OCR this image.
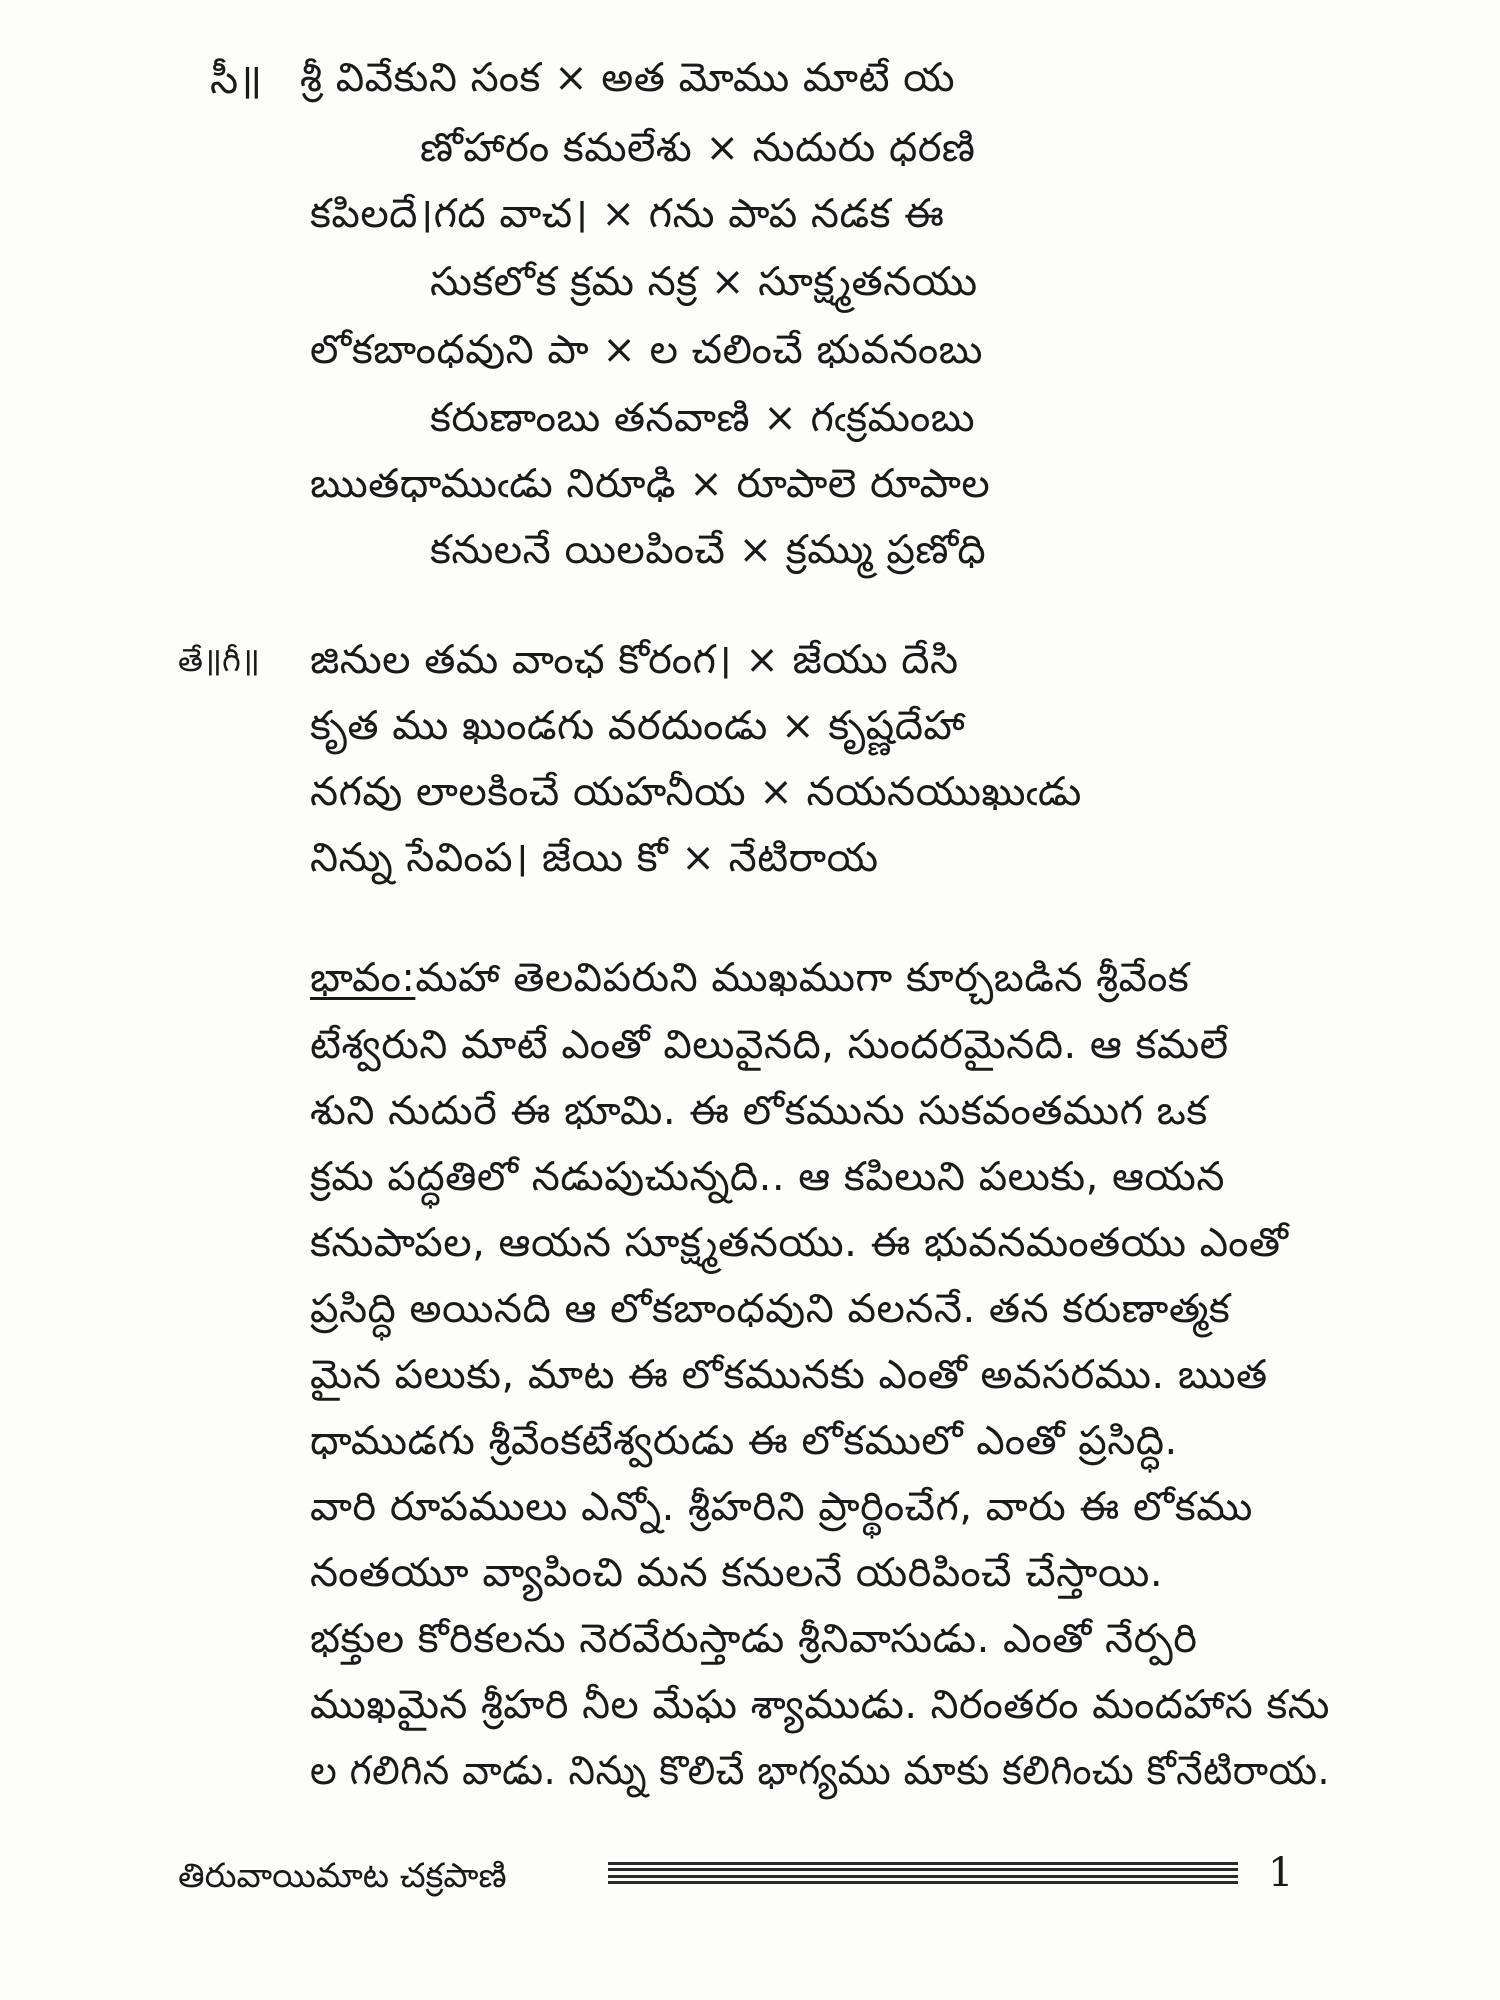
సీ॥ శ్రీ వివేకుని సంక × అత మోము మాటే య
ణోహారం కమలేశు × నుదురు ధరణి
కపిలదే।గద వాచ। × గను పాప నడక ఈ
సుకలోక క్రమ నక్ర × సూక్ష్మతనయు
లోకబాంధవుని పా × ల చలించే భువనంబు
కరుణాంబు తనవాణి × గఁక్రమంబు
ఋతధాముఁడు నిరూఢి × రూపాలె రూపాల
కనులనే యిలపించే × క్రమ్ము ప్రణోధి
తే॥గీ॥ జినుల తమ వాంఛ కోరంగ। × జేయు దేసి
కృత ము ఖుండగు వరదుండు × కృష్ణదేహా
నగవు లాలకించే యహనీయ × నయనయుఖుఁడు
నిన్ను సేవింప। జేయి కో × నేటిరాయ
భావం:మహా తెలవిపరుని ముఖముగా కూర్చబడిన శ్రీవేంక
టేశ్వరుని మాటే ఎంతో విలువైనది, సుందరమైనది. ఆ కమలే
శుని నుదురే ఈ భూమి. ఈ లోకమును సుకవంతముగ ఒక
క్రమ పద్ధతిలో నడుపుచున్నది.. ఆ కపిలుని పలుకు, ఆయన
కనుపాపల, ఆయన సూక్ష్మతనయు. ఈ భువనమంతయు ఎంతో
ప్రసిద్ధి అయినది ఆ లోకబాంధవుని వలననే. తన కరుణాత్మక
మైన పలుకు, మాట ఈ లోకమునకు ఎంతో అవసరము. ఋత
ధాముడగు శ్రీవేంకటేశ్వరుడు ఈ లోకములో ఎంతో ప్రసిద్ధి.
వారి రూపములు ఎన్నో. శ్రీహరిని ప్రార్థించేగ, వారు ఈ లోకము
నంతయూ వ్యాపించి మన కనులనే యరిపించే చేస్తాయి.
భక్తుల కోరికలను నెరవేరుస్తాడు శ్రీనివాసుడు. ఎంతో నేర్పరి
ముఖమైన శ్రీహరి నీల మేఘ శ్యాముడు. నిరంతరం మందహాస కను
ల గలిగిన వాడు. నిన్ను కొలిచే భాగ్యము మాకు కలిగించు కోనేటిరాయ.
తిరువాయిమాట చక్రపాణి	1
